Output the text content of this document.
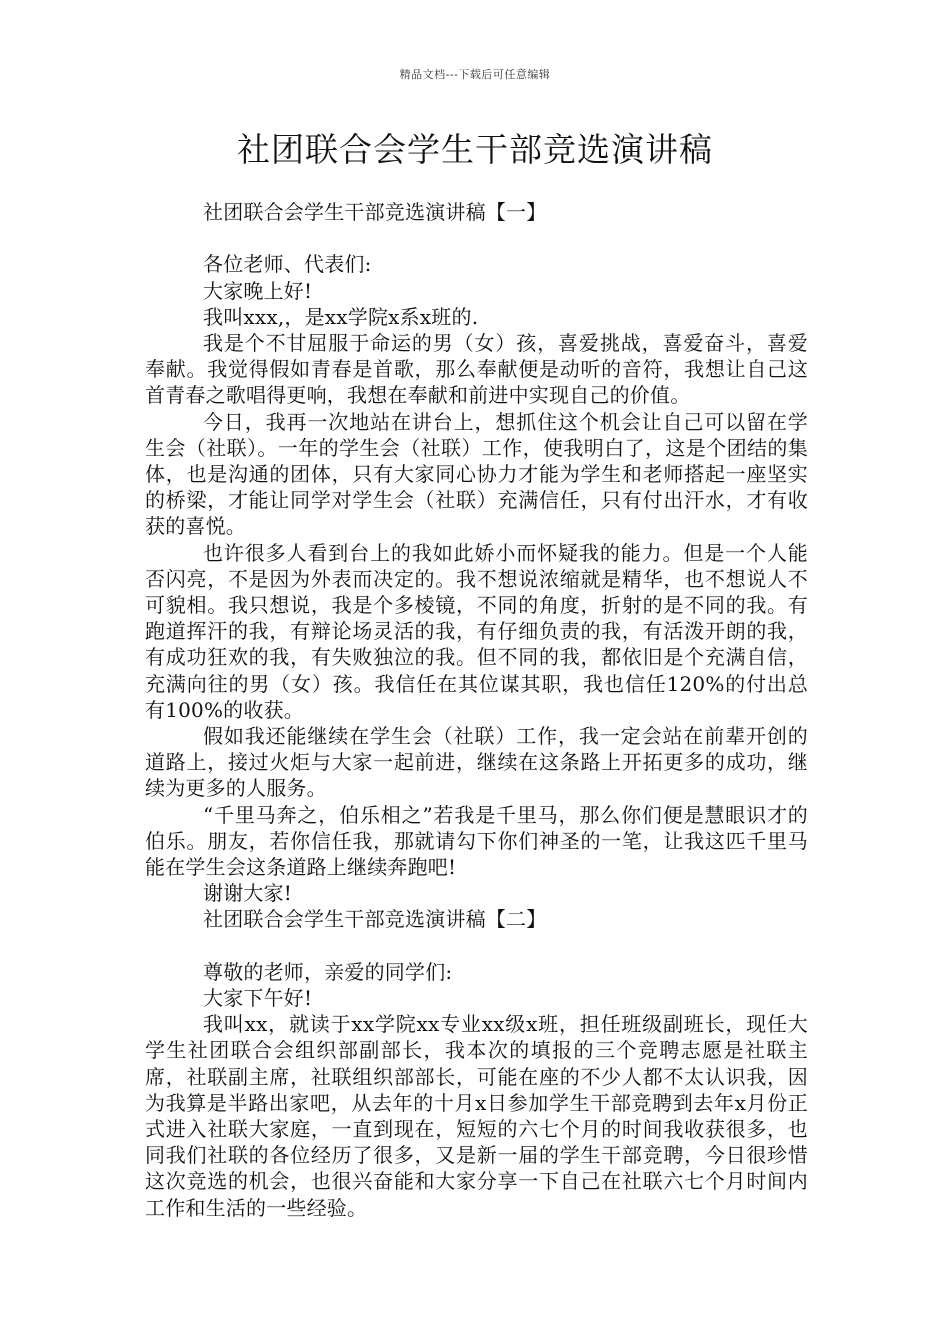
精品文档---下载后可任意编辑
社团联合会学生干部竞选演讲稿

社团联合会学生干部竞选演讲稿【一】

各位老师、代表们:

大家晚上好!

我叫xxx,，是xx学院x系x班的.

我是个不甘屈服于命运的男（女）孩，喜爱挑战，喜爱奋斗，喜爱奉献。我觉得假如青春是首歌，那么奉献便是动听的音符，我想让自己这首青春之歌唱得更响，我想在奉献和前进中实现自己的价值。

今日，我再一次地站在讲台上，想抓住这个机会让自己可以留在学生会（社联）。一年的学生会（社联）工作，使我明白了，这是个团结的集体，也是沟通的团体，只有大家同心协力才能为学生和老师搭起一座坚实的桥梁，才能让同学对学生会（社联）充满信任，只有付出汗水，才有收获的喜悦。

也许很多人看到台上的我如此娇小而怀疑我的能力。但是一个人能否闪亮，不是因为外表而决定的。我不想说浓缩就是精华，也不想说人不可貌相。我只想说，我是个多棱镜，不同的角度，折射的是不同的我。有跑道挥汗的我，有辩论场灵活的我，有仔细负责的我，有活泼开朗的我，有成功狂欢的我，有失败独泣的我。但不同的我，都依旧是个充满自信，充满向往的男（女）孩。我信任在其位谋其职，我也信任120%的付出总有100%的收获。

假如我还能继续在学生会（社联）工作，我一定会站在前辈开创的道路上，接过火炬与大家一起前进，继续在这条路上开拓更多的成功，继续为更多的人服务。

“千里马奔之，伯乐相之”若我是千里马，那么你们便是慧眼识才的伯乐。朋友，若你信任我，那就请勾下你们神圣的一笔，让我这匹千里马能在学生会这条道路上继续奔跑吧!

谢谢大家!

社团联合会学生干部竞选演讲稿【二】

尊敬的老师，亲爱的同学们:

大家下午好!

我叫xx，就读于xx学院xx专业xx级x班，担任班级副班长，现任大学生社团联合会组织部副部长，我本次的填报的三个竞聘志愿是社联主席，社联副主席，社联组织部部长，可能在座的不少人都不太认识我，因为我算是半路出家吧，从去年的十月x日参加学生干部竞聘到去年x月份正式进入社联大家庭，一直到现在，短短的六七个月的时间我收获很多，也同我们社联的各位经历了很多，又是新一届的学生干部竞聘，今日很珍惜这次竞选的机会，也很兴奋能和大家分享一下自己在社联六七个月时间内工作和生活的一些经验。
